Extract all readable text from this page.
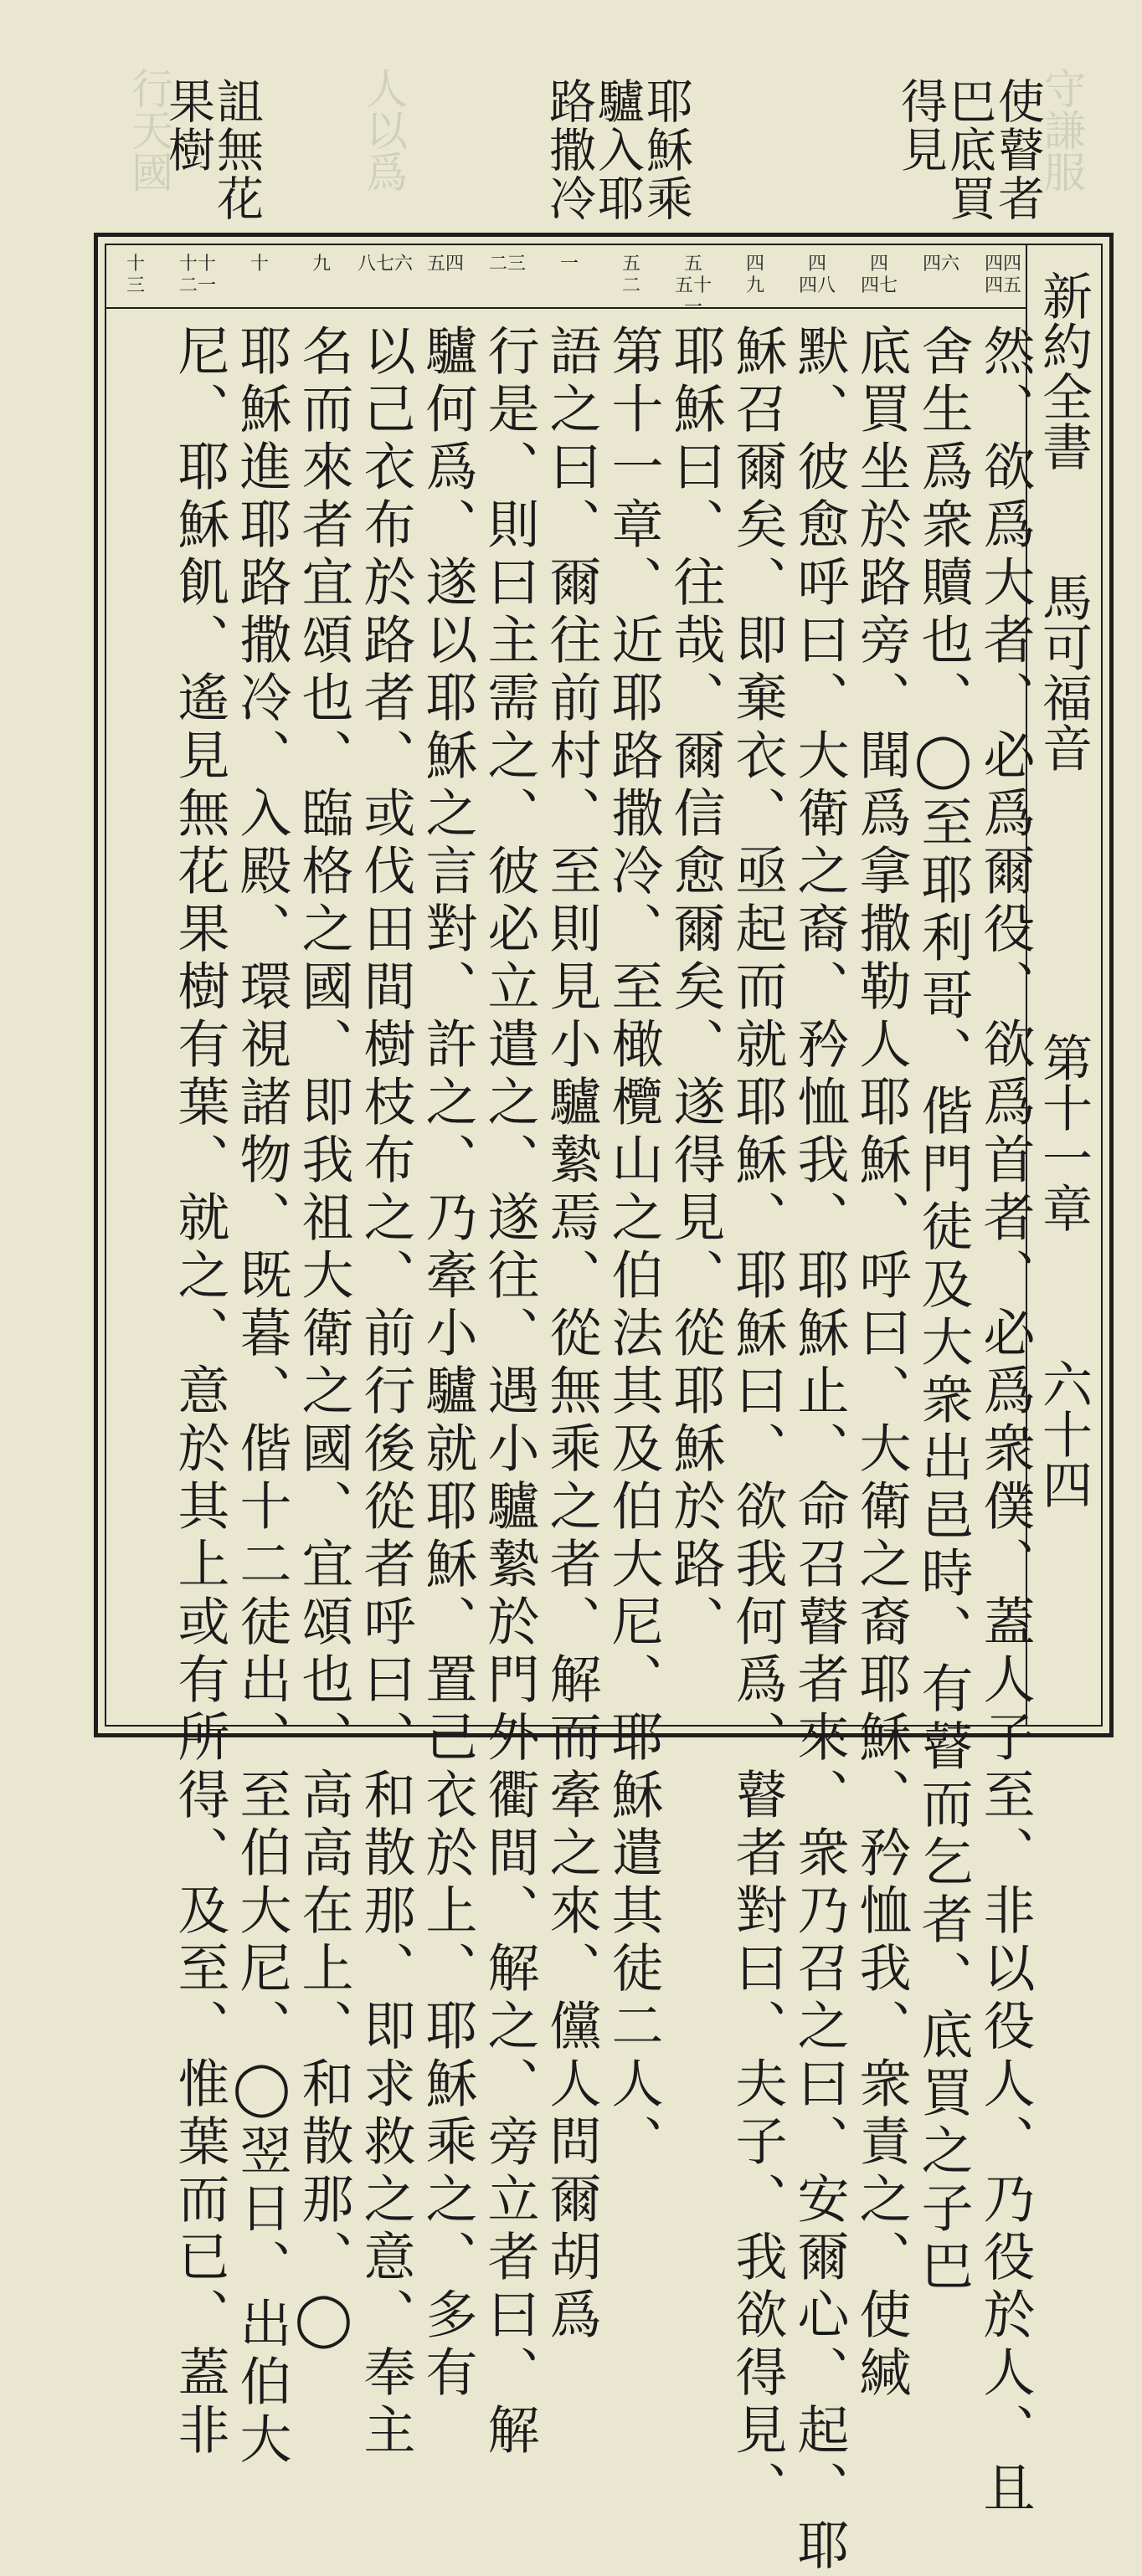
守謙服
人以爲
行天國	使瞽者巴底買得見
耶穌乘驢入耶路撒冷
詛無花果樹
新約全書
馬可福音
第十一章
六十四
四四
四五
四六
四
四七
四
四八
四
九
五
五十
一
五
二
一
二三
五四
八七六
九
十
十十
二一
十
三
然、欲爲大者、必爲爾役、欲爲首者、必爲衆僕、蓋人子至、非以役人、乃役於人、且
舍生爲衆贖也、◯至耶利哥、偕門徒及大衆出邑時、有瞽而乞者、底買之子巴
底買坐於路旁、聞爲拿撒勒人耶穌、呼曰、大衛之裔耶穌、矜恤我、衆責之、使緘
默、彼愈呼曰、大衛之裔、矜恤我、耶穌止、命召瞽者來、衆乃召之曰、安爾心、起、耶
穌召爾矣、即棄衣、亟起而就耶穌、耶穌曰、欲我何爲、瞽者對曰、夫子、我欲得見、
耶穌曰、往哉、爾信愈爾矣、遂得見、從耶穌於路、
第十一章、近耶路撒冷、至橄欖山之伯法其及伯大尼、耶穌遣其徒二人、
語之曰、爾往前村、至則見小驢縶焉、從無乘之者、解而牽之來、儻人問爾胡爲
行是、則曰主需之、彼必立遣之、遂往、遇小驢縶於門外衢間、解之、旁立者曰、解
驢何爲、遂以耶穌之言對、許之、乃牽小驢就耶穌、置己衣於上、耶穌乘之、多有
以己衣布於路者、或伐田間樹枝布之、前行後從者呼曰、和散那、即求救之意、奉主
名而來者宜頌也、臨格之國、即我祖大衛之國、宜頌也、高高在上、和散那、◯
耶穌進耶路撒冷、入殿、環視諸物、既暮、偕十二徒出、至伯大尼、◯翌日、出伯大
尼、耶穌飢、遙見無花果樹有葉、就之、意於其上或有所得、及至、惟葉而已、蓋非
